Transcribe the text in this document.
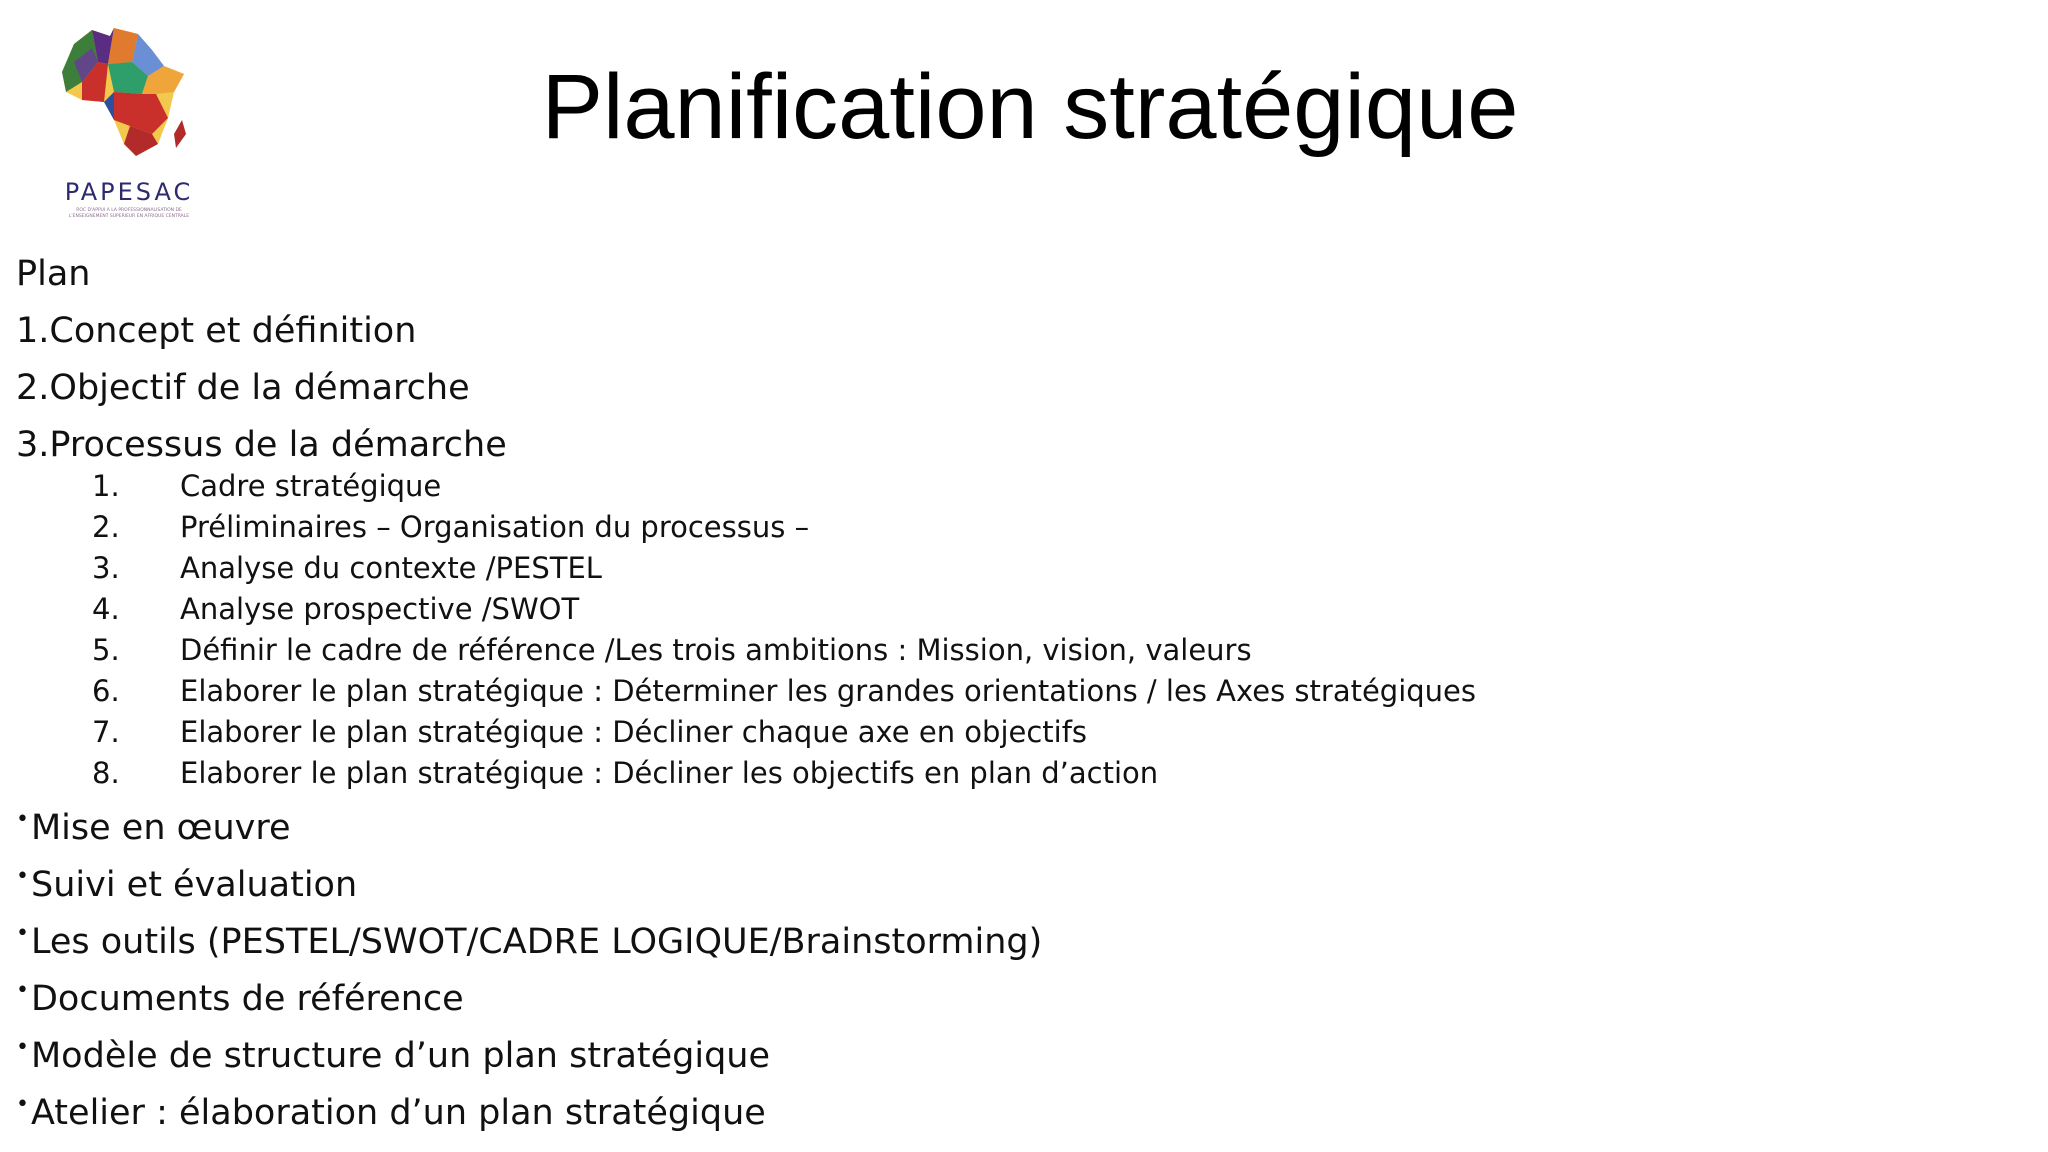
PAPESAC
ROC D'APPUI A LA PROFESSIONNALISATION DE L'ENSEIGNEMENT SUPERIEUR EN AFRIQUE CENTRALE
Planification stratégique
Plan
1.Concept et définition
2.Objectif de la démarche
3.Processus de la démarche
1.	Cadre stratégique
2.	Préliminaires – Organisation du processus –
3.	Analyse du contexte /PESTEL
4.	Analyse prospective /SWOT
5.	Définir le cadre de référence /Les trois ambitions : Mission, vision, valeurs
6.	Elaborer le plan stratégique : Déterminer les grandes orientations / les Axes stratégiques
7.	Elaborer le plan stratégique : Décliner chaque axe en objectifs
8.	Elaborer le plan stratégique : Décliner les objectifs en plan d’action
•Mise en œuvre
•Suivi et évaluation
•Les outils (PESTEL/SWOT/CADRE LOGIQUE/Brainstorming)
•Documents de référence
•Modèle de structure d’un plan stratégique
•Atelier : élaboration d’un plan stratégique
